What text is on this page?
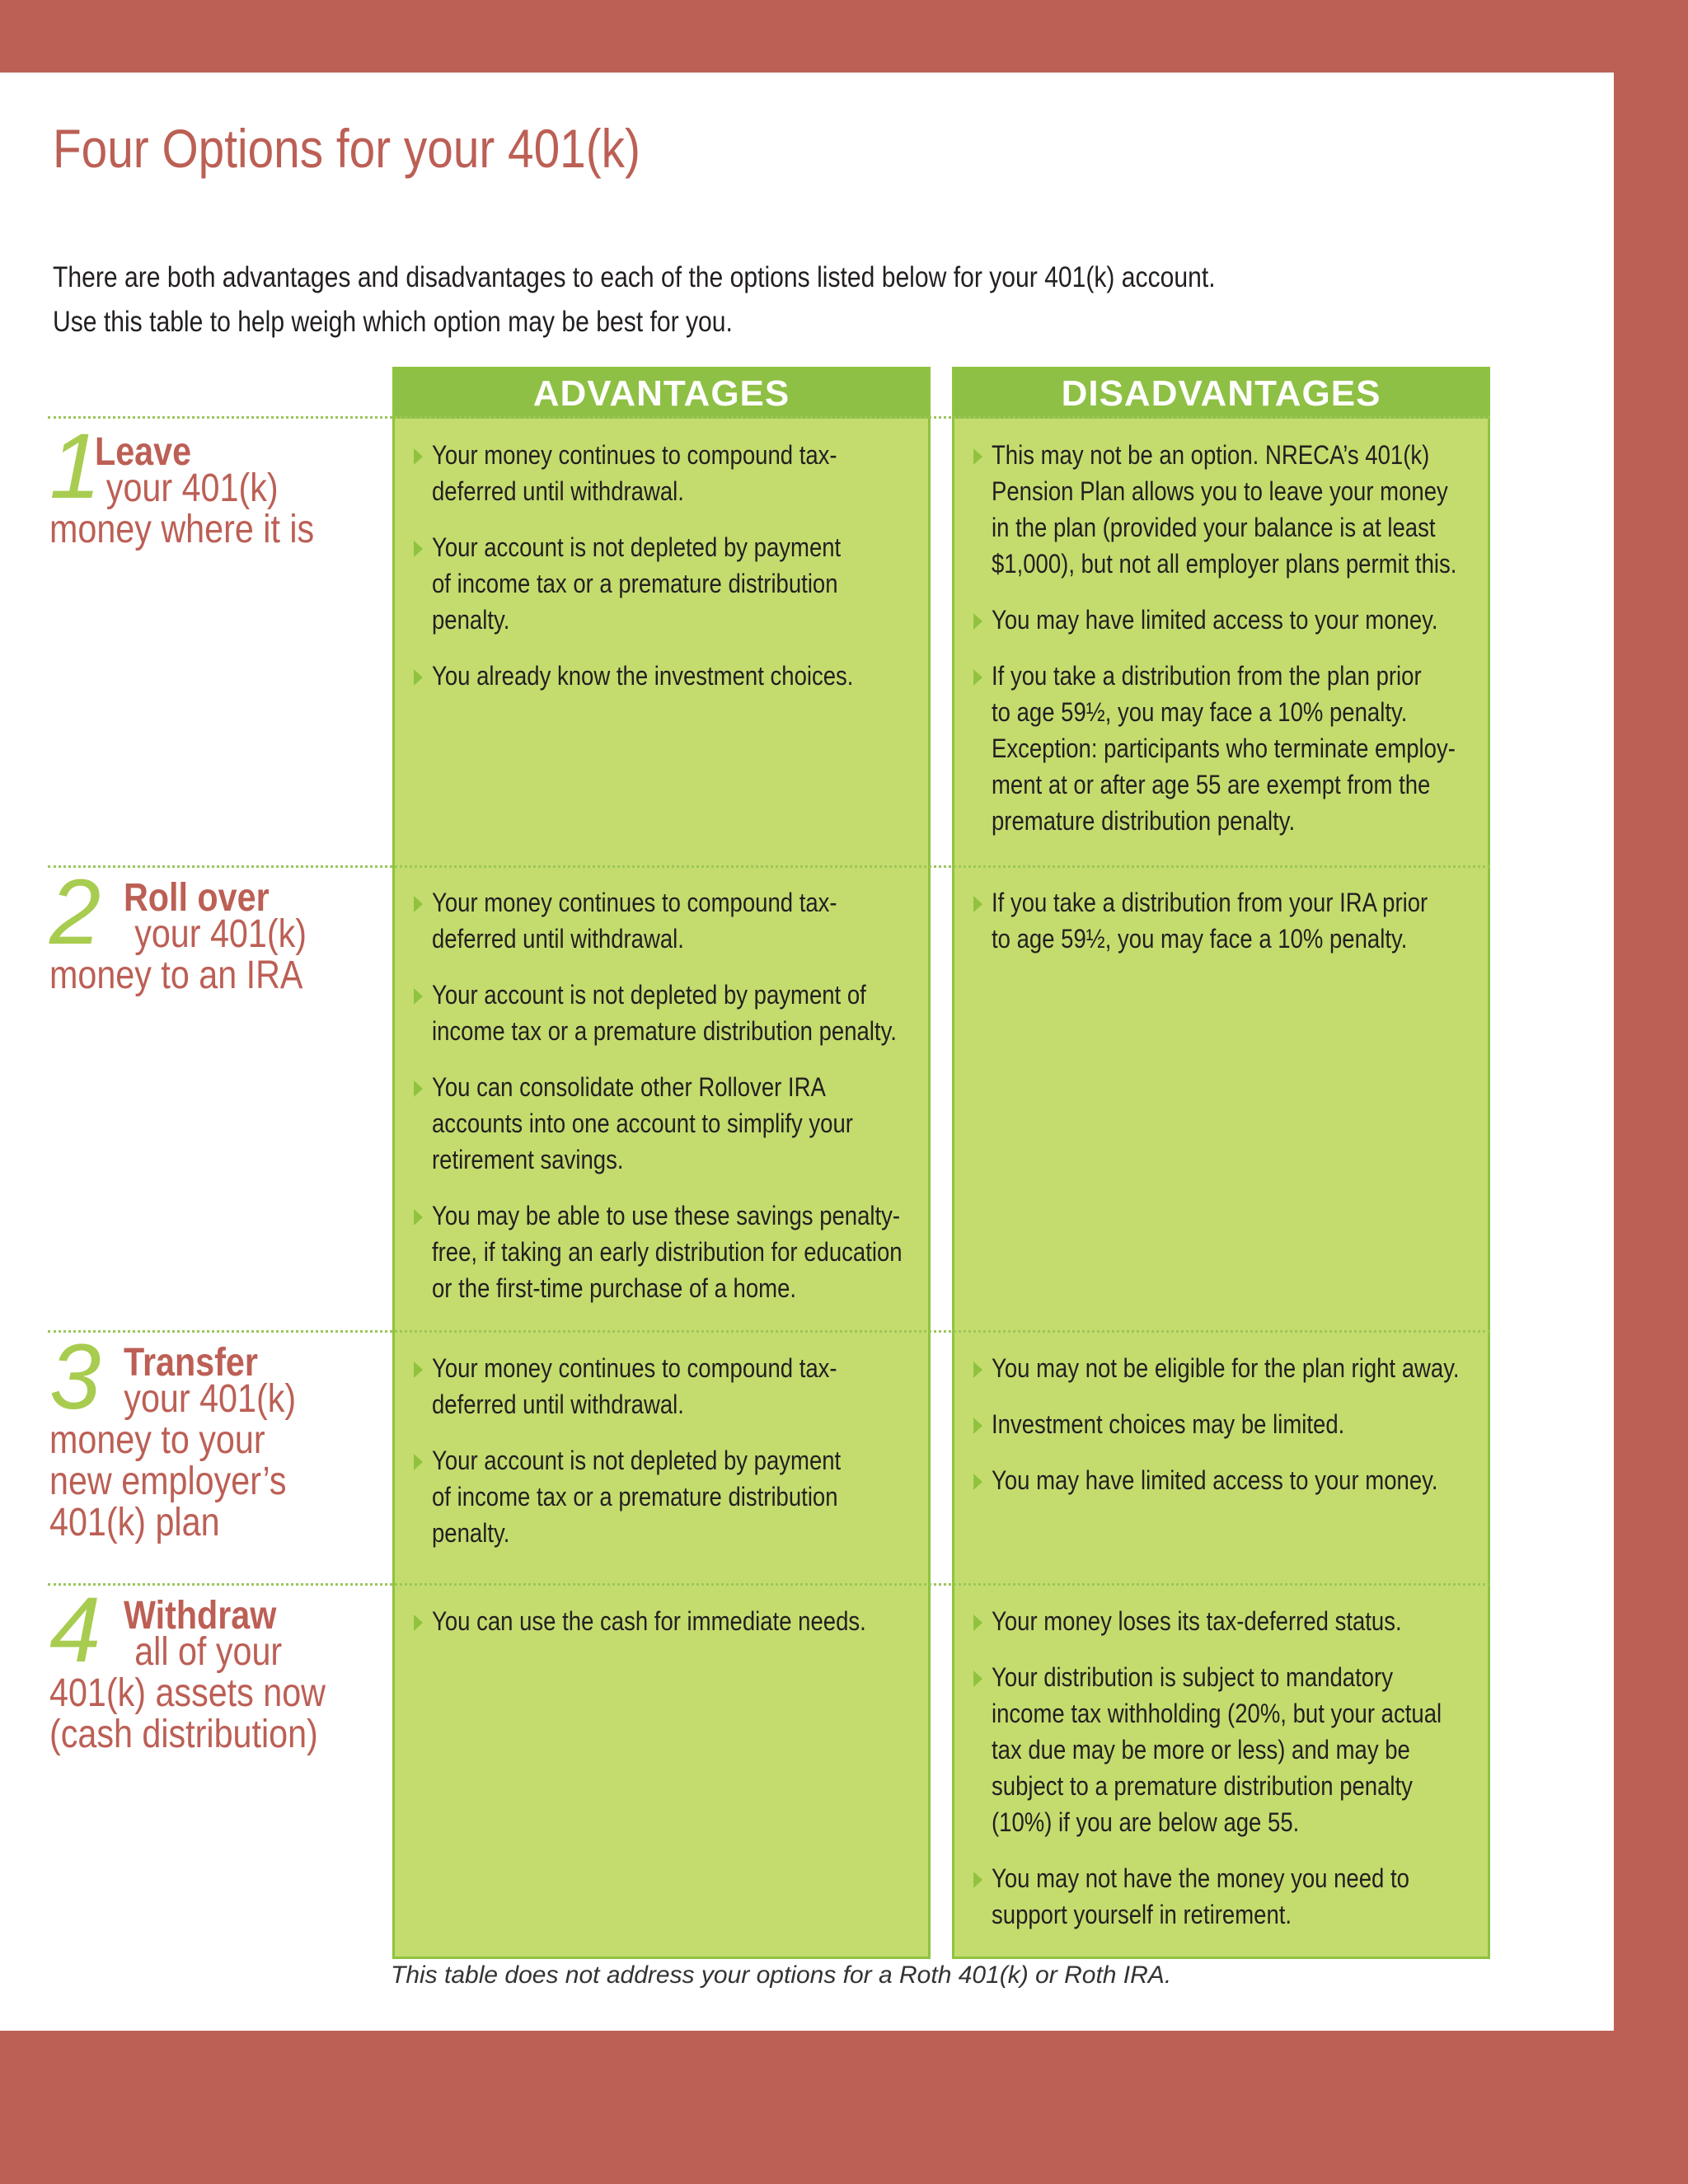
Four Options for your 401(k)
There are both advantages and disadvantages to each of the options listed below for your 401(k) account.
Use this table to help weigh which option may be best for you.
ADVANTAGES	DISADVANTAGES
1
Leave
your 401(k)
money where it is
Your money continues to compound tax-
deferred until withdrawal.
Your account is not depleted by payment
of income tax or a premature distribution
penalty.
You already know the investment choices.
This may not be an option. NRECA’s 401(k)
Pension Plan allows you to leave your money
in the plan (provided your balance is at least
$1,000), but not all employer plans permit this.
You may have limited access to your money.
If you take a distribution from the plan prior
to age 59½, you may face a 10% penalty.
Exception: participants who terminate employ-
ment at or after age 55 are exempt from the
premature distribution penalty.
2 Roll over
your 401(k)
money to an IRA
Your money continues to compound tax-
deferred until withdrawal.
Your account is not depleted by payment of
income tax or a premature distribution penalty.
You can consolidate other Rollover IRA
accounts into one account to simplify your
retirement savings.
You may be able to use these savings penalty-
free, if taking an early distribution for education
or the first-time purchase of a home.
If you take a distribution from your IRA prior
to age 59½, you may face a 10% penalty.
3 Transfer
your 401(k)
money to your
new employer’s
401(k) plan
Your money continues to compound tax-
deferred until withdrawal.
Your account is not depleted by payment
of income tax or a premature distribution
penalty.
You may not be eligible for the plan right away.
Investment choices may be limited.
You may have limited access to your money.
4 Withdraw
all of your
401(k) assets now
(cash distribution)
You can use the cash for immediate needs.	Your money loses its tax-deferred status.
Your distribution is subject to mandatory
income tax withholding (20%, but your actual
tax due may be more or less) and may be
subject to a premature distribution penalty
(10%) if you are below age 55.
You may not have the money you need to
support yourself in retirement.
This table does not address your options for a Roth 401(k) or Roth IRA.
